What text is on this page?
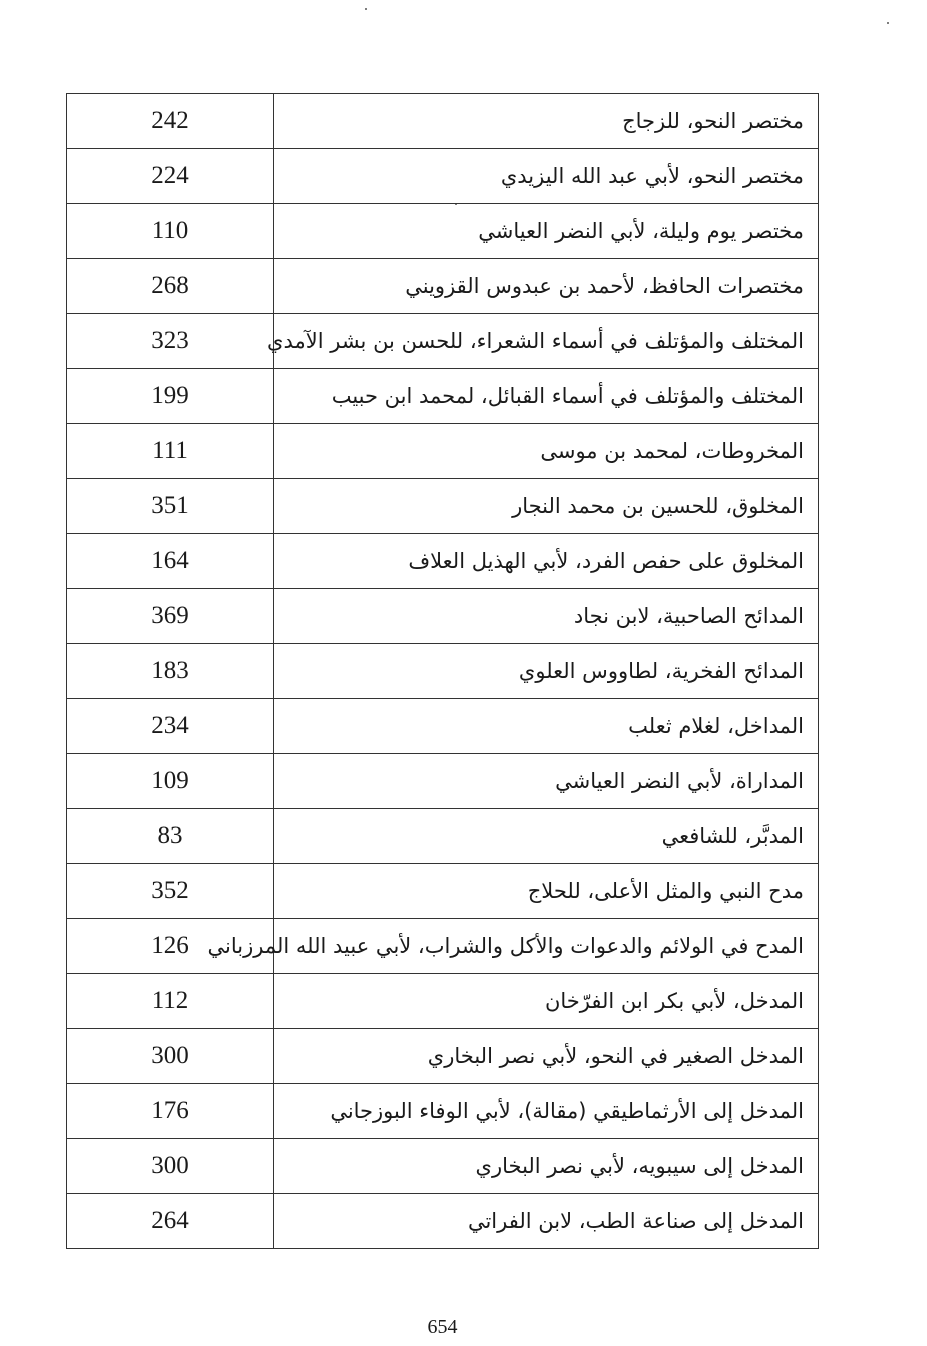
242	مختصر النحو، للزجاج
224	مختصر النحو، لأبي عبد الله اليزيدي
110	مختصر يوم وليلة، لأبي النضر العياشي
268	مختصرات الحافظ، لأحمد بن عبدوس القزويني
323	المختلف والمؤتلف في أسماء الشعراء، للحسن بن بشر الآمدي
199	المختلف والمؤتلف في أسماء القبائل، لمحمد ابن حبيب
111	المخروطات، لمحمد بن موسى
351	المخلوق، للحسين بن محمد النجار
164	المخلوق على حفص الفرد، لأبي الهذيل العلاف
369	المدائح الصاحبية، لابن نجاد
183	المدائح الفخرية، لطاووس العلوي
234	المداخل، لغلام ثعلب
109	المداراة، لأبي النضر العياشي
83	المدبَّر، للشافعي
352	مدح النبي والمثل الأعلى، للحلاج
126	المدح في الولائم والدعوات والأكل والشراب، لأبي عبيد الله المرزباني
112	المدخل، لأبي بكر ابن الفرّخان
300	المدخل الصغير في النحو، لأبي نصر البخاري
176	المدخل إلى الأرثماطيقي (مقالة)، لأبي الوفاء البوزجاني
300	المدخل إلى سيبويه، لأبي نصر البخاري
264	المدخل إلى صناعة الطب، لابن الفراتي
654
